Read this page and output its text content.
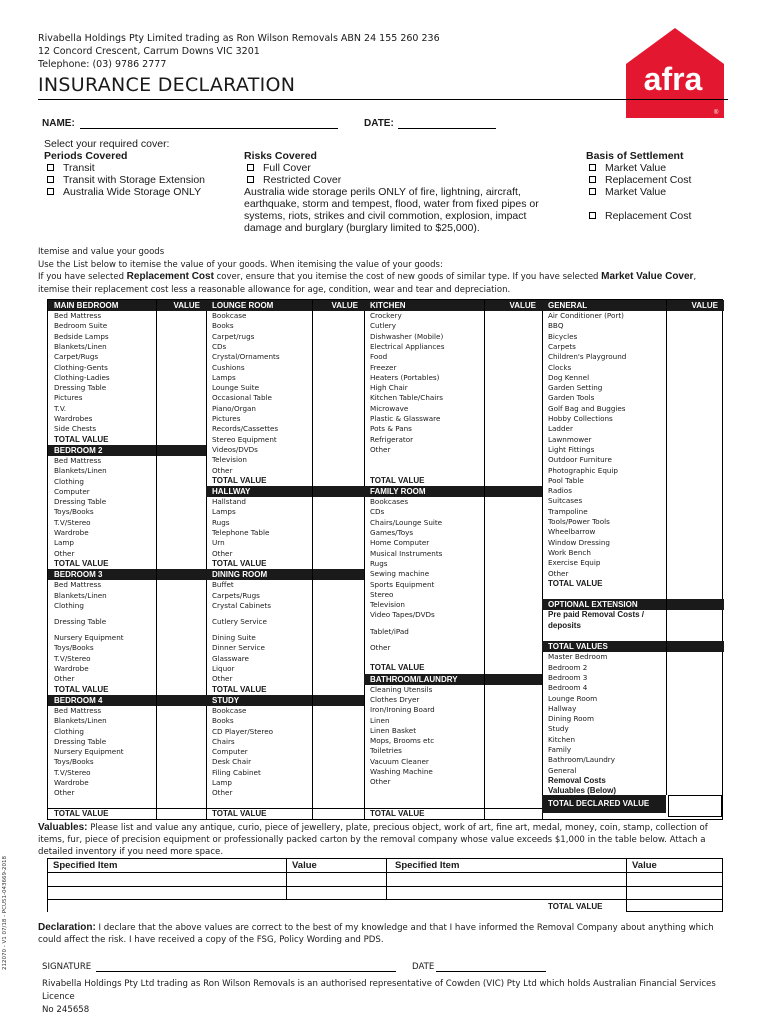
Rivabella Holdings Pty Limited trading as Ron Wilson Removals ABN 24 155 260 236
12 Concord Crescent, Carrum Downs VIC 3201
Telephone: (03) 9786 2777	afra
®
INSURANCE DECLARATION
NAME:	DATE:
Select your required cover:
Periods Covered
Transit
Transit with Storage Extension
Australia Wide Storage ONLY
Risks Covered
Full Cover
Restricted Cover
Australia wide storage perils ONLY of fire, lightning, aircraft,
earthquake, storm and tempest, flood, water from fixed pipes or
systems, riots, strikes and civil commotion, explosion, impact
damage and burglary (burglary limited to $25,000).
Basis of Settlement
Market Value
Replacement Cost
Market Value
Replacement Cost
Itemise and value your goods
Use the List below to itemise the value of your goods. When itemising the value of your goods:
If you have selected Replacement Cost cover, ensure that you itemise the cost of new goods of similar type. If you have selected Market Value Cover,
itemise their replacement cost less a reasonable allowance for age, condition, wear and tear and depreciation.
MAIN BEDROOM	VALUE
Bed Mattress
Bedroom Suite
Bedside Lamps
Blankets/Linen
Carpet/Rugs
Clothing-Gents
Clothing-Ladies
Dressing Table
Pictures
T.V.
Wardrobes
Side Chests
TOTAL VALUE
BEDROOM 2
Bed Mattress
Blankets/Linen
Clothing
Computer
Dressing Table
Toys/Books
T.V/Stereo
Wardrobe
Lamp
Other
TOTAL VALUE
BEDROOM 3
Bed Mattress
Blankets/Linen
Clothing
Dressing Table
Nursery Equipment
Toys/Books
T.V/Stereo
Wardrobe
Other
TOTAL VALUE
BEDROOM 4
Bed Mattress
Blankets/Linen
Clothing
Dressing Table
Nursery Equipment
Toys/Books
T.V/Stereo
Wardrobe
Other
TOTAL VALUE
LOUNGE ROOM	VALUE
Bookcase
Books
Carpet/rugs
CDs
Crystal/Ornaments
Cushions
Lamps
Lounge Suite
Occasional Table
Piano/Organ
Pictures
Records/Cassettes
Stereo Equipment
Videos/DVDs
Television
Other
TOTAL VALUE
HALLWAY
Hallstand
Lamps
Rugs
Telephone Table
Urn
Other
TOTAL VALUE
DINING ROOM
Buffet
Carpets/Rugs
Crystal Cabinets
Cutlery Service
Dining Suite
Dinner Service
Glassware
Liquor
Other
TOTAL VALUE
STUDY
Bookcase
Books
CD Player/Stereo
Chairs
Computer
Desk Chair
Filing Cabinet
Lamp
Other
TOTAL VALUE
KITCHEN	VALUE
Crockery
Cutlery
Dishwasher (Mobile)
Electrical Appliances
Food
Freezer
Heaters (Portables)
High Chair
Kitchen Table/Chairs
Microwave
Plastic & Glassware
Pots & Pans
Refrigerator
Other
TOTAL VALUE
FAMILY ROOM
Bookcases
CDs
Chairs/Lounge Suite
Games/Toys
Home Computer
Musical Instruments
Rugs
Sewing machine
Sports Equipment
Stereo
Television
Video Tapes/DVDs
Tablet/iPad
Other
TOTAL VALUE
BATHROOM/LAUNDRY
Cleaning Utensils
Clothes Dryer
Iron/Ironing Board
Linen
Linen Basket
Mops, Brooms etc
Toiletries
Vacuum Cleaner
Washing Machine
Other
TOTAL VALUE
GENERAL	VALUE
Air Conditioner (Port)
BBQ
Bicycles
Carpets
Children's Playground
Clocks
Dog Kennel
Garden Setting
Garden Tools
Golf Bag and Buggies
Hobby Collections
Ladder
Lawnmower
Light Fittings
Outdoor Furniture
Photographic Equip
Pool Table
Radios
Suitcases
Trampoline
Tools/Power Tools
Wheelbarrow
Window Dressing
Work Bench
Exercise Equip
Other
TOTAL VALUE
OPTIONAL EXTENSION
Pre paid Removal Costs /
deposits
TOTAL VALUES
Master Bedroom
Bedroom 2
Bedroom 3
Bedroom 4
Lounge Room
Hallway
Dining Room
Study
Kitchen
Family
Bathroom/Laundry
General
Removal Costs
Valuables (Below)
TOTAL DECLARED VALUE
Valuables: Please list and value any antique, curio, piece of jewellery, plate, precious object, work of art, fine art, medal, money, coin, stamp, collection of items, fur, piece of precision equipment or professionally packed carton by the removal company whose value exceeds $1,000 in the table below. Attach a detailed inventory if you need more space.
Specified Item	Value	Specified Item	Value
TOTAL VALUE
Declaration: I declare that the above values are correct to the best of my knowledge and that I have informed the Removal Company about anything which could affect the risk. I have received a copy of the FSG, Policy Wording and PDS.
SIGNATURE	DATE
Rivabella Holdings Pty Ltd trading as Ron Wilson Removals is an authorised representative of Cowden (VIC) Pty Ltd which holds Australian Financial Services Licence
No 245658
212070 - V1 07/18 - PCU51-043669-2018
